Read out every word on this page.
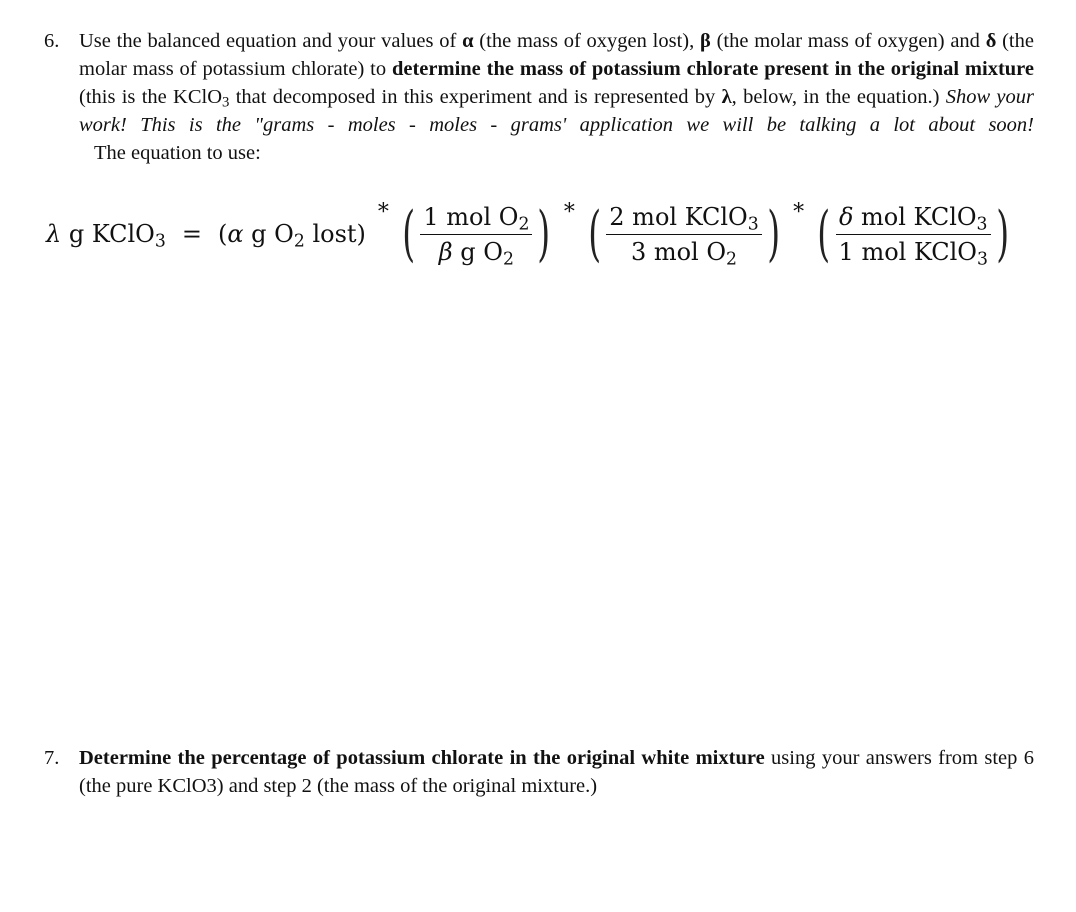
6. Use the balanced equation and your values of α (the mass of oxygen lost), β (the molar mass of oxygen) and δ (the molar mass of potassium chlorate) to determine the mass of potassium chlorate present in the original mixture (this is the KClO$_3$ that decomposed in this experiment and is represented by λ, below, in the equation.) Show your work! This is the "grams - moles - moles - grams' application we will be talking a lot about soon!   The equation to use:
λ g KClO$_3$ = (α g $O_2$ lost)
* ( $\frac{1 mol O_2}{\beta g O_2}$ ) * ( $\frac{2 mol KClO_3}{3 mol O_2}$ ) * ( $\frac{\delta mol KClO_3}{1 mol KClO_3}$ )
7. Determine the percentage of potassium chlorate in the original white mixture using your answers from step 6 (the pure KClO3) and step 2 (the mass of the original mixture.)
